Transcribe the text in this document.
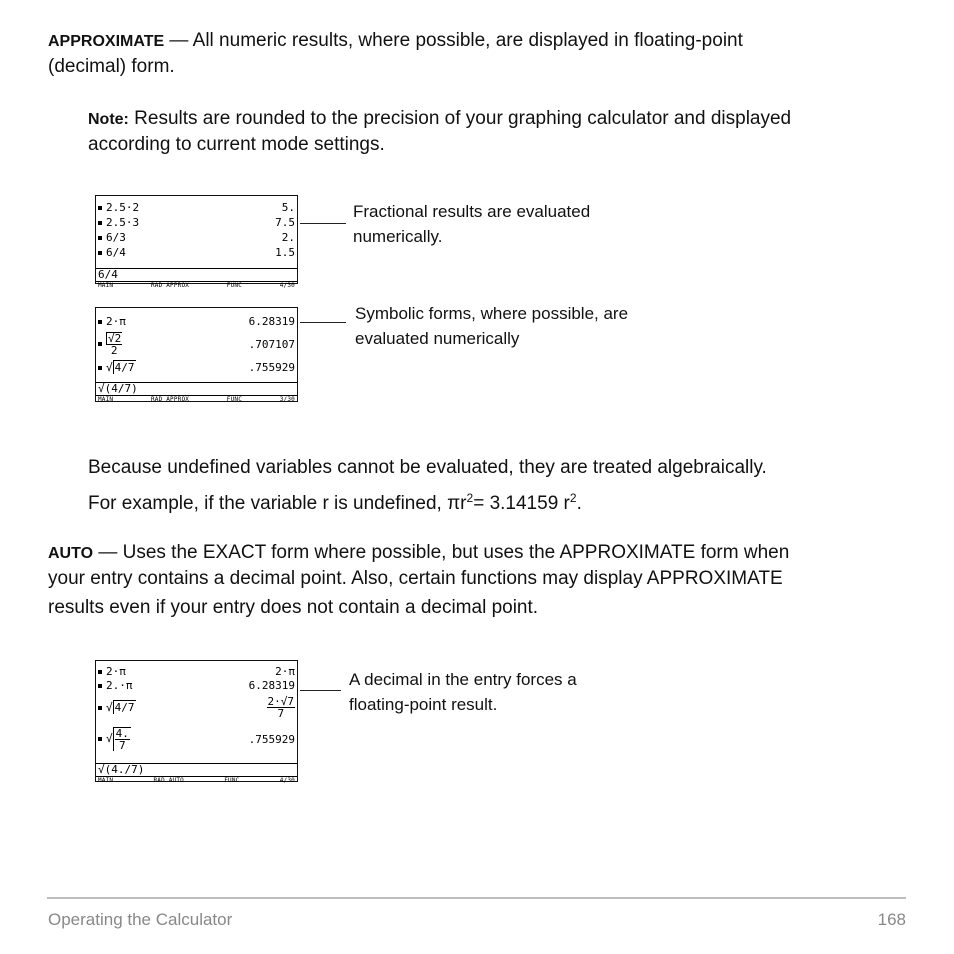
APPROXIMATE — All numeric results, where possible, are displayed in floating-point

(decimal) form.

Note: Results are rounded to the precision of your graphing calculator and displayed

according to current mode settings.

2.5·2	5.
2.5·3	7.5
6/3	2.
6/4	1.5
6/4
MAIN	RAD APPROX	FUNC	4/30
Fractional results are evaluated
numerically.
2·π	6.28319
$\frac{√2}{2}$	.707107
√ 4/7	.755929
√(4/7)
MAIN	RAD APPROX	FUNC	3/30
Symbolic forms, where possible, are
evaluated numerically

Because undefined variables cannot be evaluated, they are treated algebraically.

For example, if the variable r is undefined, $\pi r^2= 3.14159$ $r^2$.

AUTO — Uses the EXACT form where possible, but uses the APPROXIMATE form when

your entry contains a decimal point. Also, certain functions may display APPROXIMATE

results even if your entry does not contain a decimal point.

2·π	2·π
2.·π	6.28319
√ 4/7	$\frac{2\cdot√7}{7}$
√ $\frac{4.}{7}$	.755929
√(4./7)
MAIN	RAD AUTO	FUNC	4/30
A decimal in the entry forces a
floating-point result.
Operating the Calculator	168
